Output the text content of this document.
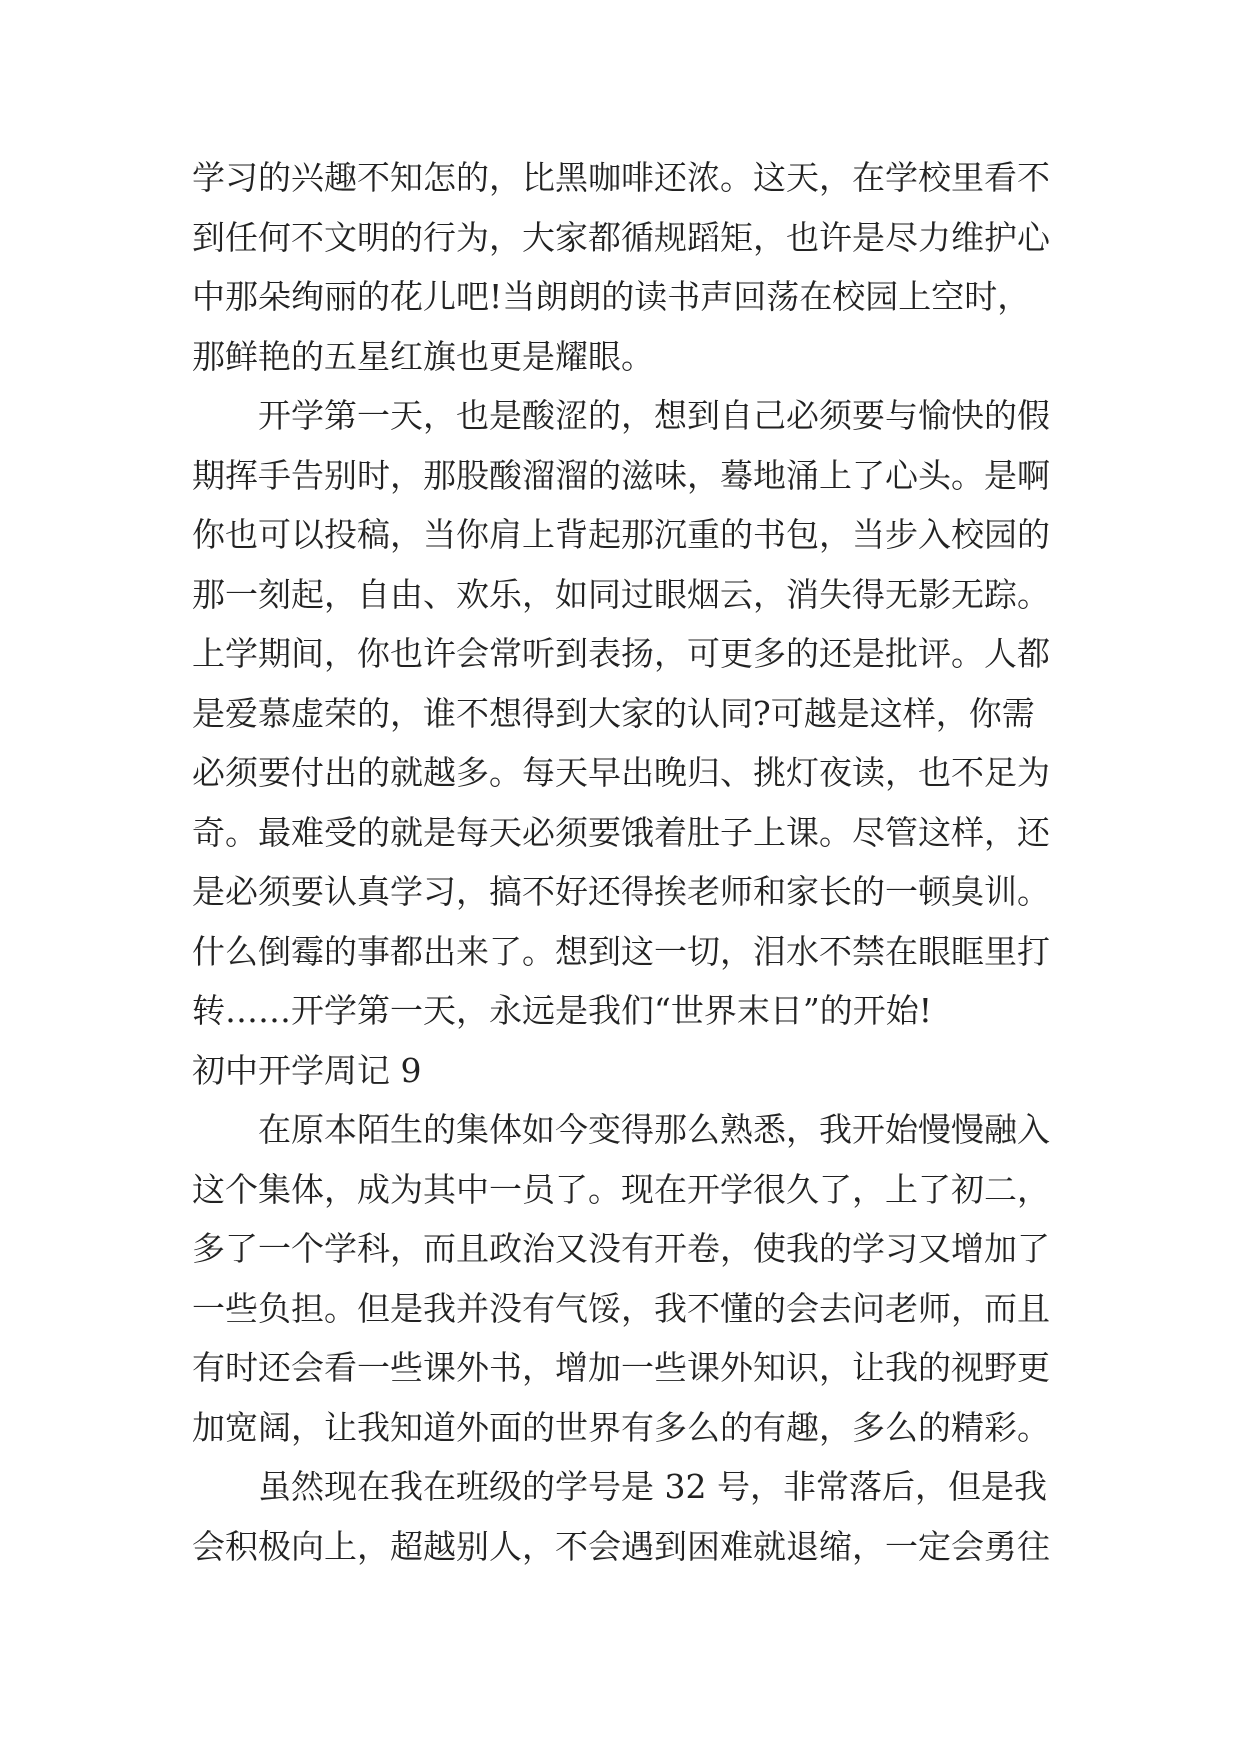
学习的兴趣不知怎的，比黑咖啡还浓。这天，在学校里看不
到任何不文明的行为，大家都循规蹈矩，也许是尽力维护心
中那朵绚丽的花儿吧!当朗朗的读书声回荡在校园上空时，
那鲜艳的五星红旗也更是耀眼。
开学第一天，也是酸涩的，想到自己必须要与愉快的假
期挥手告别时，那股酸溜溜的滋味，蓦地涌上了心头。是啊
你也可以投稿，当你肩上背起那沉重的书包，当步入校园的
那一刻起，自由、欢乐，如同过眼烟云，消失得无影无踪。
上学期间，你也许会常听到表扬，可更多的还是批评。人都
是爱慕虚荣的，谁不想得到大家的认同?可越是这样，你需
必须要付出的就越多。每天早出晚归、挑灯夜读，也不足为
奇。最难受的就是每天必须要饿着肚子上课。尽管这样，还
是必须要认真学习，搞不好还得挨老师和家长的一顿臭训。
什么倒霉的事都出来了。想到这一切，泪水不禁在眼眶里打
转……开学第一天，永远是我们“世界末日”的开始!
初中开学周记 9
在原本陌生的集体如今变得那么熟悉，我开始慢慢融入
这个集体，成为其中一员了。现在开学很久了，上了初二，
多了一个学科，而且政治又没有开卷，使我的学习又增加了
一些负担。但是我并没有气馁，我不懂的会去问老师，而且
有时还会看一些课外书，增加一些课外知识，让我的视野更
加宽阔，让我知道外面的世界有多么的有趣，多么的精彩。
虽然现在我在班级的学号是 32 号，非常落后，但是我
会积极向上，超越别人，不会遇到困难就退缩，一定会勇往
